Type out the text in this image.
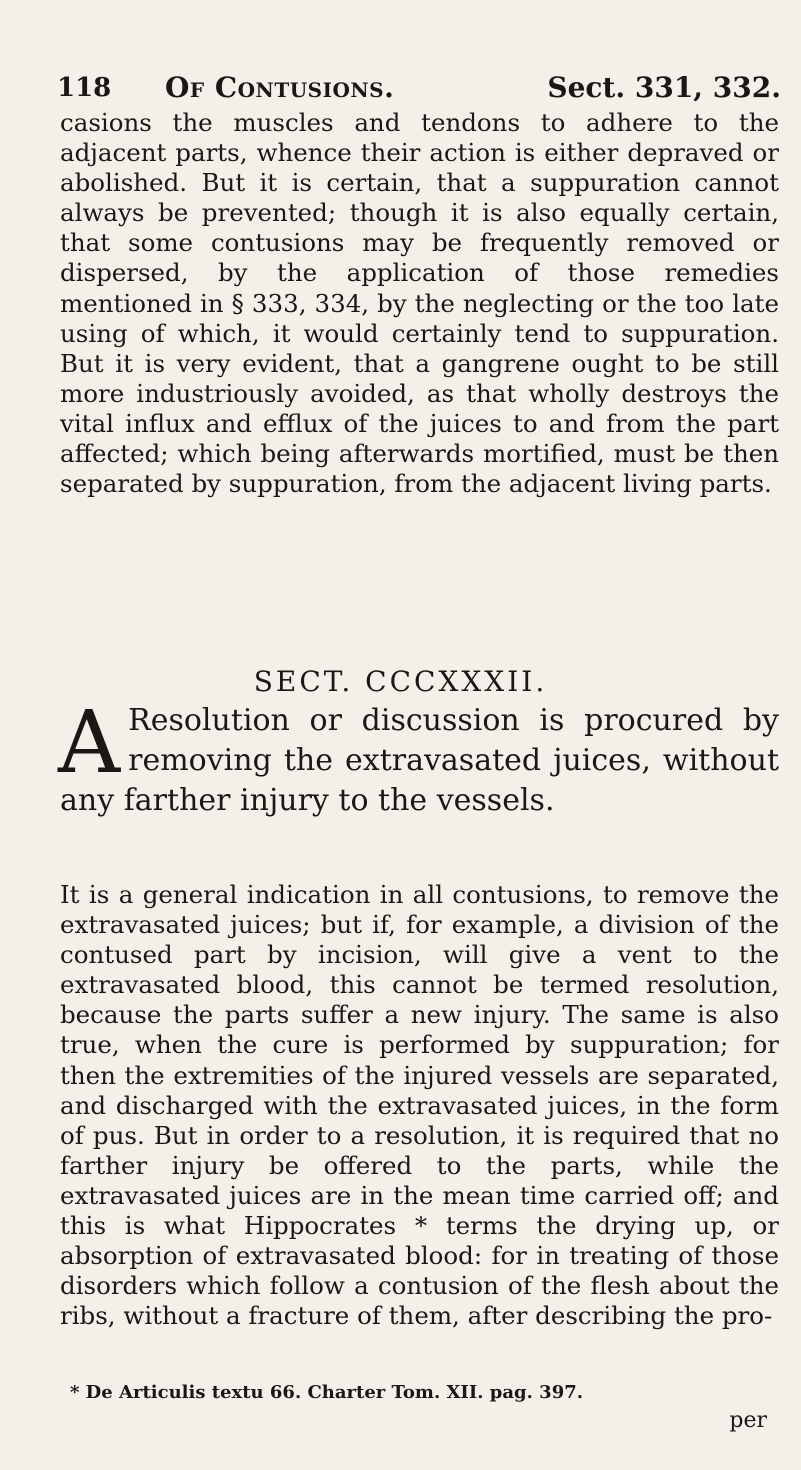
118 Of Contusions.	Sect. 331, 332.

casions the muscles and tendons to adhere to the adjacent parts, whence their action is either depraved or abolished. But it is certain, that a suppuration cannot always be prevented; though it is also equally certain, that some contusions may be frequently removed or dispersed, by the application of those remedies mentioned in § 333, 334, by the neglecting or the too late using of which, it would certainly tend to suppuration. But it is very evident, that a gangrene ought to be still more industriously avoided, as that wholly destroys the vital influx and efflux of the juices to and from the part affected; which being afterwards mortified, must be then separated by suppuration, from the adjacent living parts.

SECT. CCCXXXII.

A Resolution or discussion is procured by removing the extravasated juices, without any farther injury to the vessels.

It is a general indication in all contusions, to remove the extravasated juices; but if, for example, a division of the contused part by incision, will give a vent to the extravasated blood, this cannot be termed resolution, because the parts suffer a new injury. The same is also true, when the cure is performed by suppuration; for then the extremities of the injured vessels are separated, and discharged with the extravasated juices, in the form of pus. But in order to a resolution, it is required that no farther injury be offered to the parts, while the extravasated juices are in the mean time carried off; and this is what Hippocrates * terms the drying up, or absorption of extravasated blood: for in treating of those disorders which follow a contusion of the flesh about the ribs, without a fracture of them, after describing the pro-

* De Articulis textu 66. Charter Tom. XII. pag. 397.
per
